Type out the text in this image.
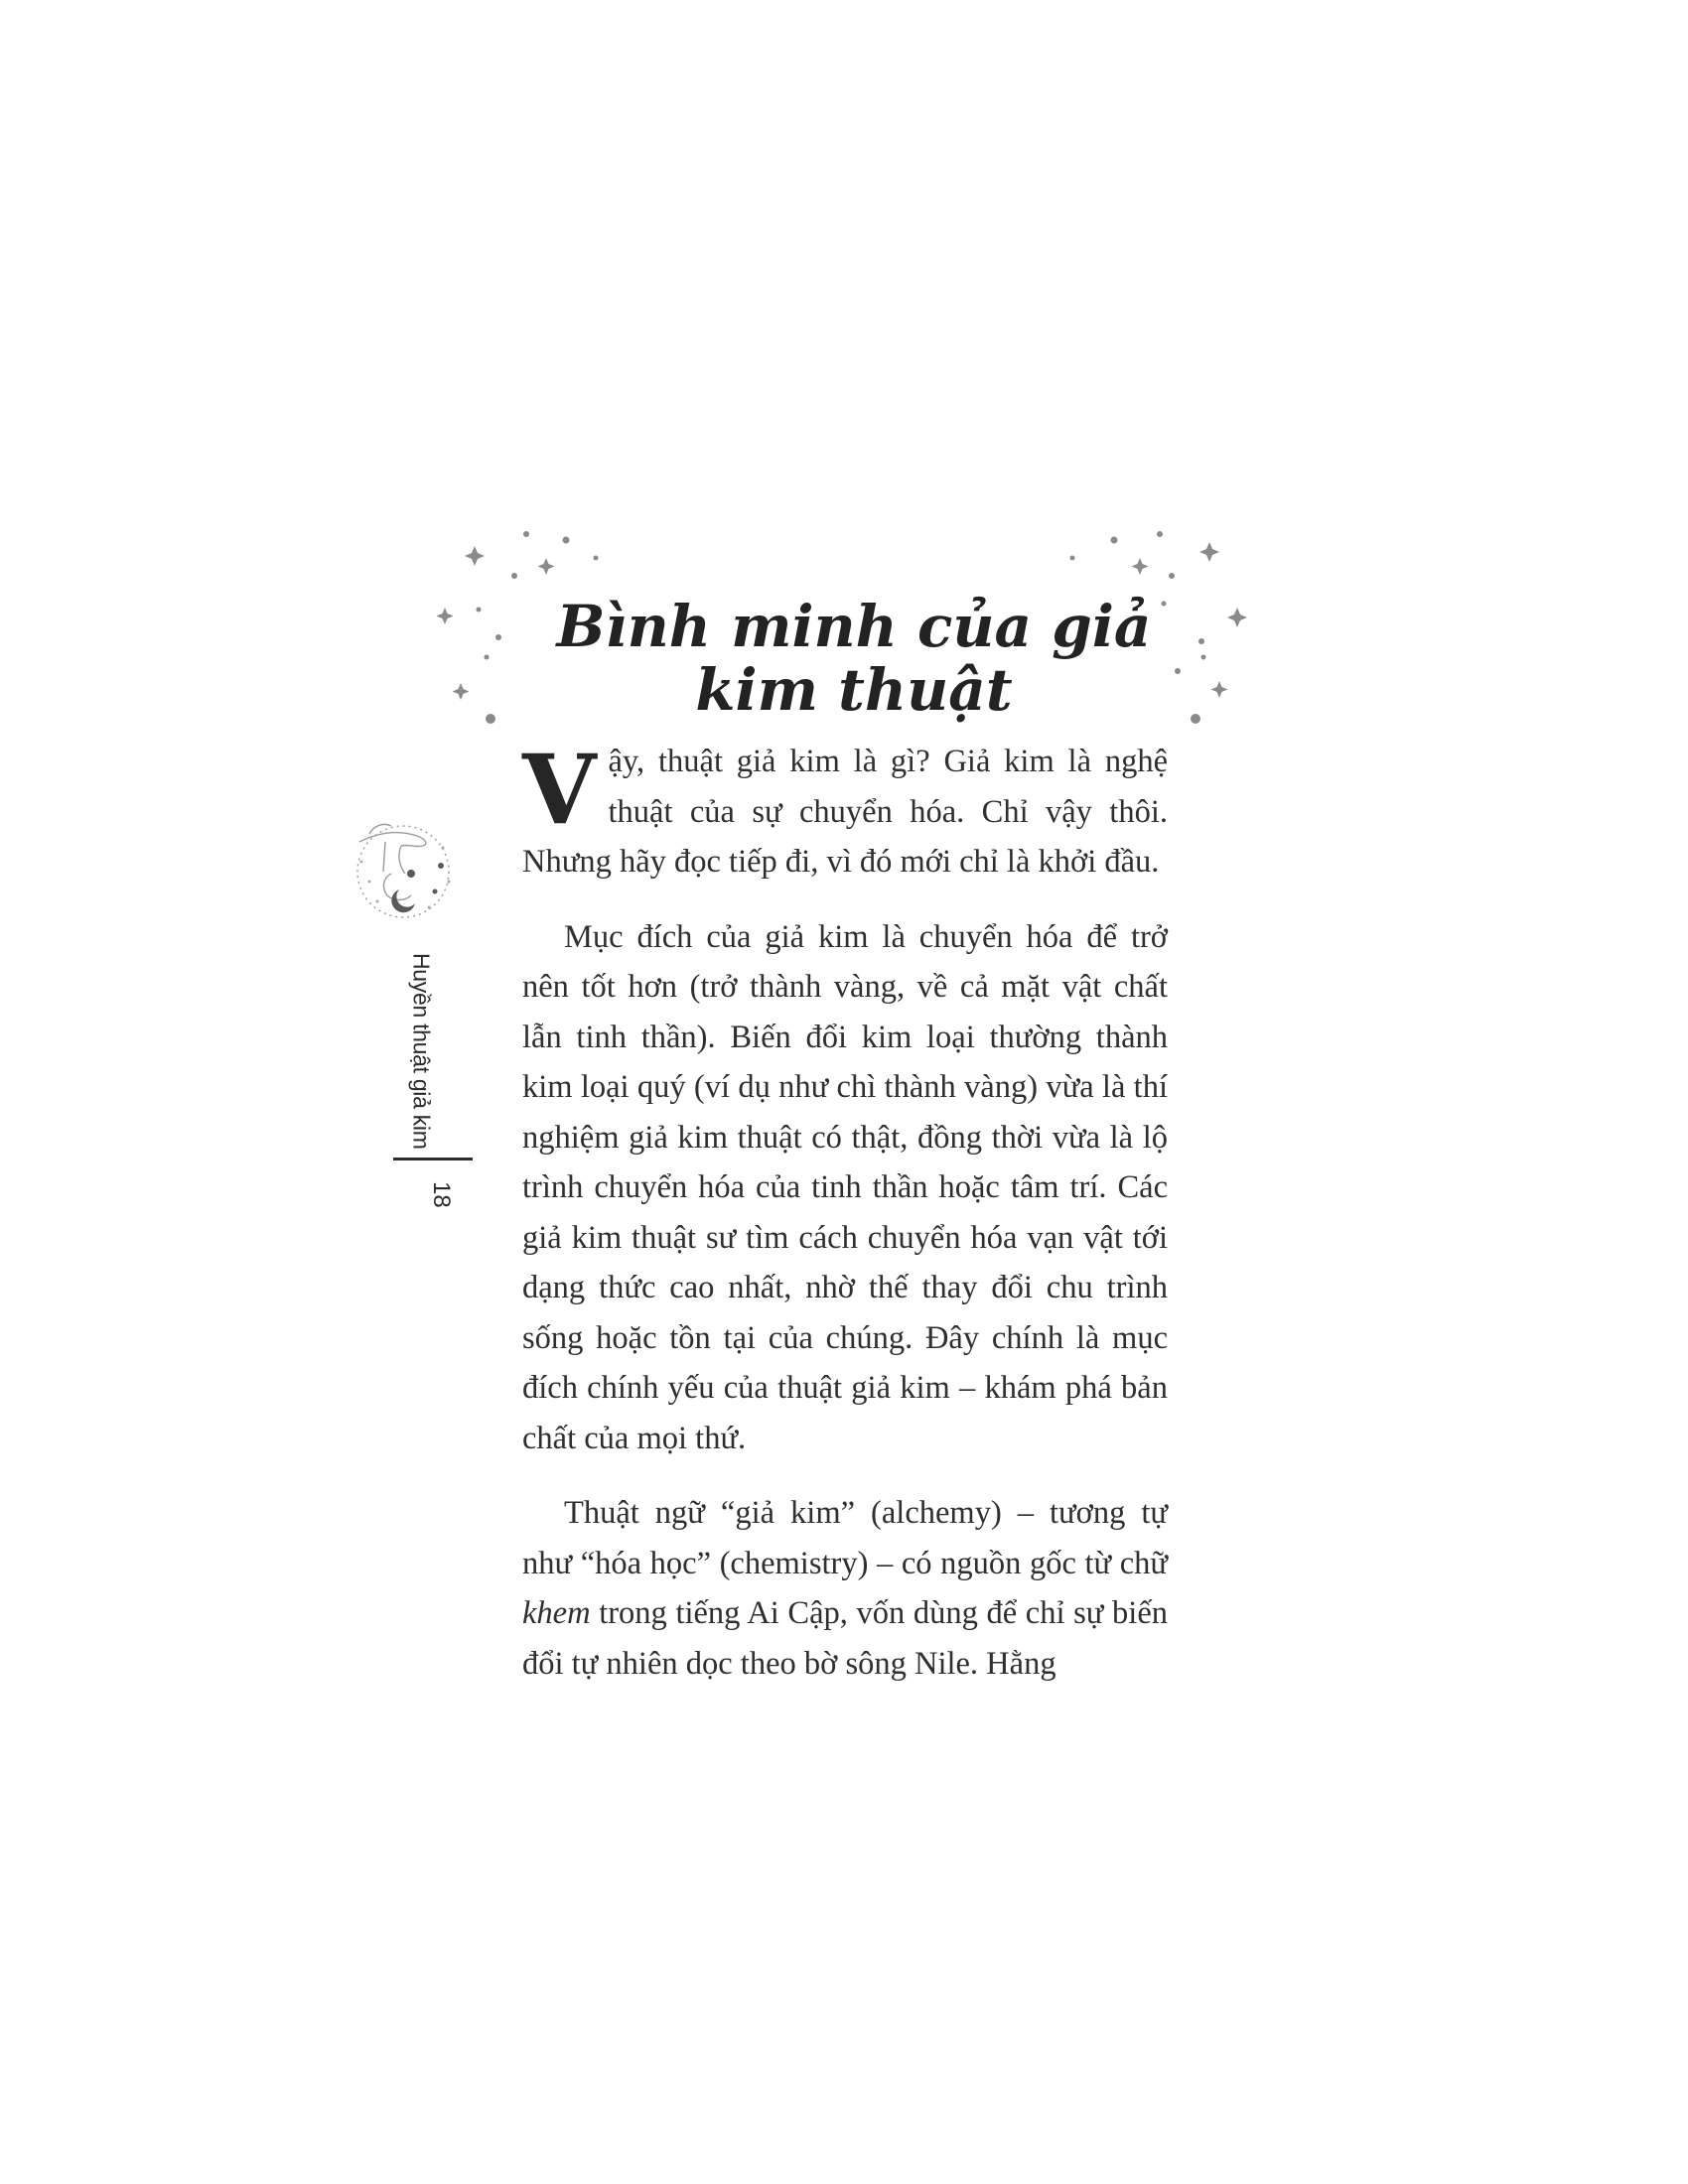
Bình minh của giả kim thuật
Huyền thuật giả kim
18

Vậy, thuật giả kim là gì? Giả kim là nghệ thuật của sự chuyển hóa. Chỉ vậy thôi. Nhưng hãy đọc tiếp đi, vì đó mới chỉ là khởi đầu.

Mục đích của giả kim là chuyển hóa để trở nên tốt hơn (trở thành vàng, về cả mặt vật chất lẫn tinh thần). Biến đổi kim loại thường thành kim loại quý (ví dụ như chì thành vàng) vừa là thí nghiệm giả kim thuật có thật, đồng thời vừa là lộ trình chuyển hóa của tinh thần hoặc tâm trí. Các giả kim thuật sư tìm cách chuyển hóa vạn vật tới dạng thức cao nhất, nhờ thế thay đổi chu trình sống hoặc tồn tại của chúng. Đây chính là mục đích chính yếu của thuật giả kim – khám phá bản chất của mọi thứ.

Thuật ngữ “giả kim” (alchemy) – tương tự như “hóa học” (chemistry) – có nguồn gốc từ chữ khem trong tiếng Ai Cập, vốn dùng để chỉ sự biến đổi tự nhiên dọc theo bờ sông Nile. Hằng
